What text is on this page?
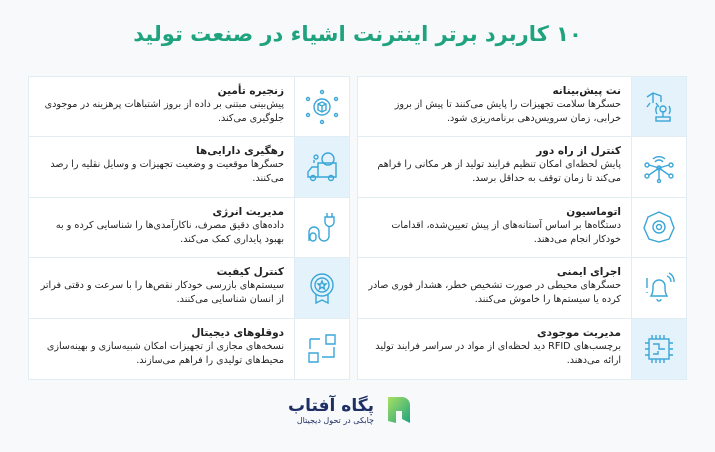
۱۰ کاربرد برتر اینترنت اشیاء در صنعت تولید
نت پیش‌بینانه

حسگرها سلامت تجهیزات را پایش می‌کنند تا پیش از بروز خرابی، زمان سرویس‌دهی برنامه‌ریزی شود.

کنترل از راه دور

پایش لحظه‌ای امکان تنظیم فرایند تولید از هر مکانی را فراهم می‌کند تا زمان توقف به حداقل برسد.

اتوماسیون

دستگاه‌ها بر اساس آستانه‌های از پیش تعیین‌شده، اقدامات خودکار انجام می‌دهند.

اجرای ایمنی

حسگرهای محیطی در صورت تشخیص خطر، هشدار فوری صادر کرده یا سیستم‌ها را خاموش می‌کنند.

مدیریت موجودی

برچسب‌های RFID دید لحظه‌ای از مواد در سراسر فرایند تولید ارائه می‌دهند.

زنجیره تأمین

پیش‌بینی مبتنی بر داده از بروز اشتباهات پرهزینه در موجودی جلوگیری می‌کند.

رهگیری دارایی‌ها

حسگرها موقعیت و وضعیت تجهیزات و وسایل نقلیه را رصد می‌کنند.

مدیریت انرژی

داده‌های دقیق مصرف، ناکارآمدی‌ها را شناسایی کرده و به بهبود پایداری کمک می‌کند.

کنترل کیفیت

سیستم‌های بازرسی خودکار نقص‌ها را با سرعت و دقتی فراتر از انسان شناسایی می‌کنند.

دوقلوهای دیجیتال

نسخه‌های مجازی از تجهیزات امکان شبیه‌سازی و بهینه‌سازی محیط‌های تولیدی را فراهم می‌سازند.

پگاه آفتاب
چابکی در تحول دیجیتال
